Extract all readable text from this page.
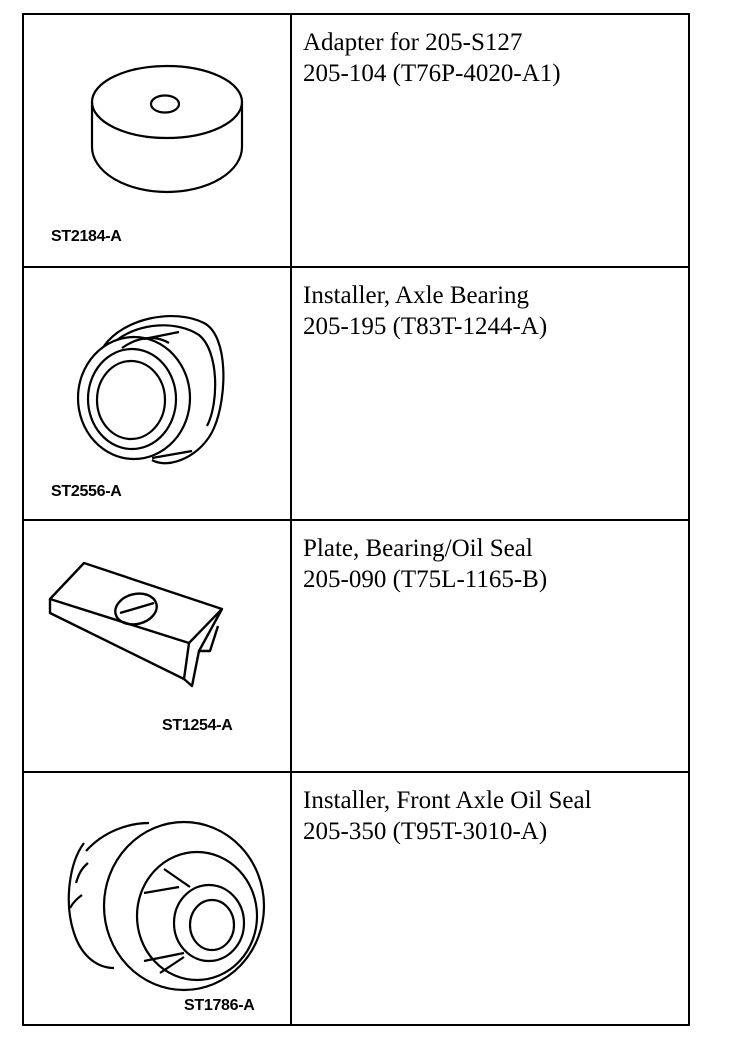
ST2184-A	Adapter for 205-S127
205-104 (T76P-4020-A1)

ST2556-A	Installer, Axle Bearing
205-195 (T83T-1244-A)

ST1254-A	Plate, Bearing/Oil Seal
205-090 (T75L-1165-B)

ST1786-A	Installer, Front Axle Oil Seal
205-350 (T95T-3010-A)
